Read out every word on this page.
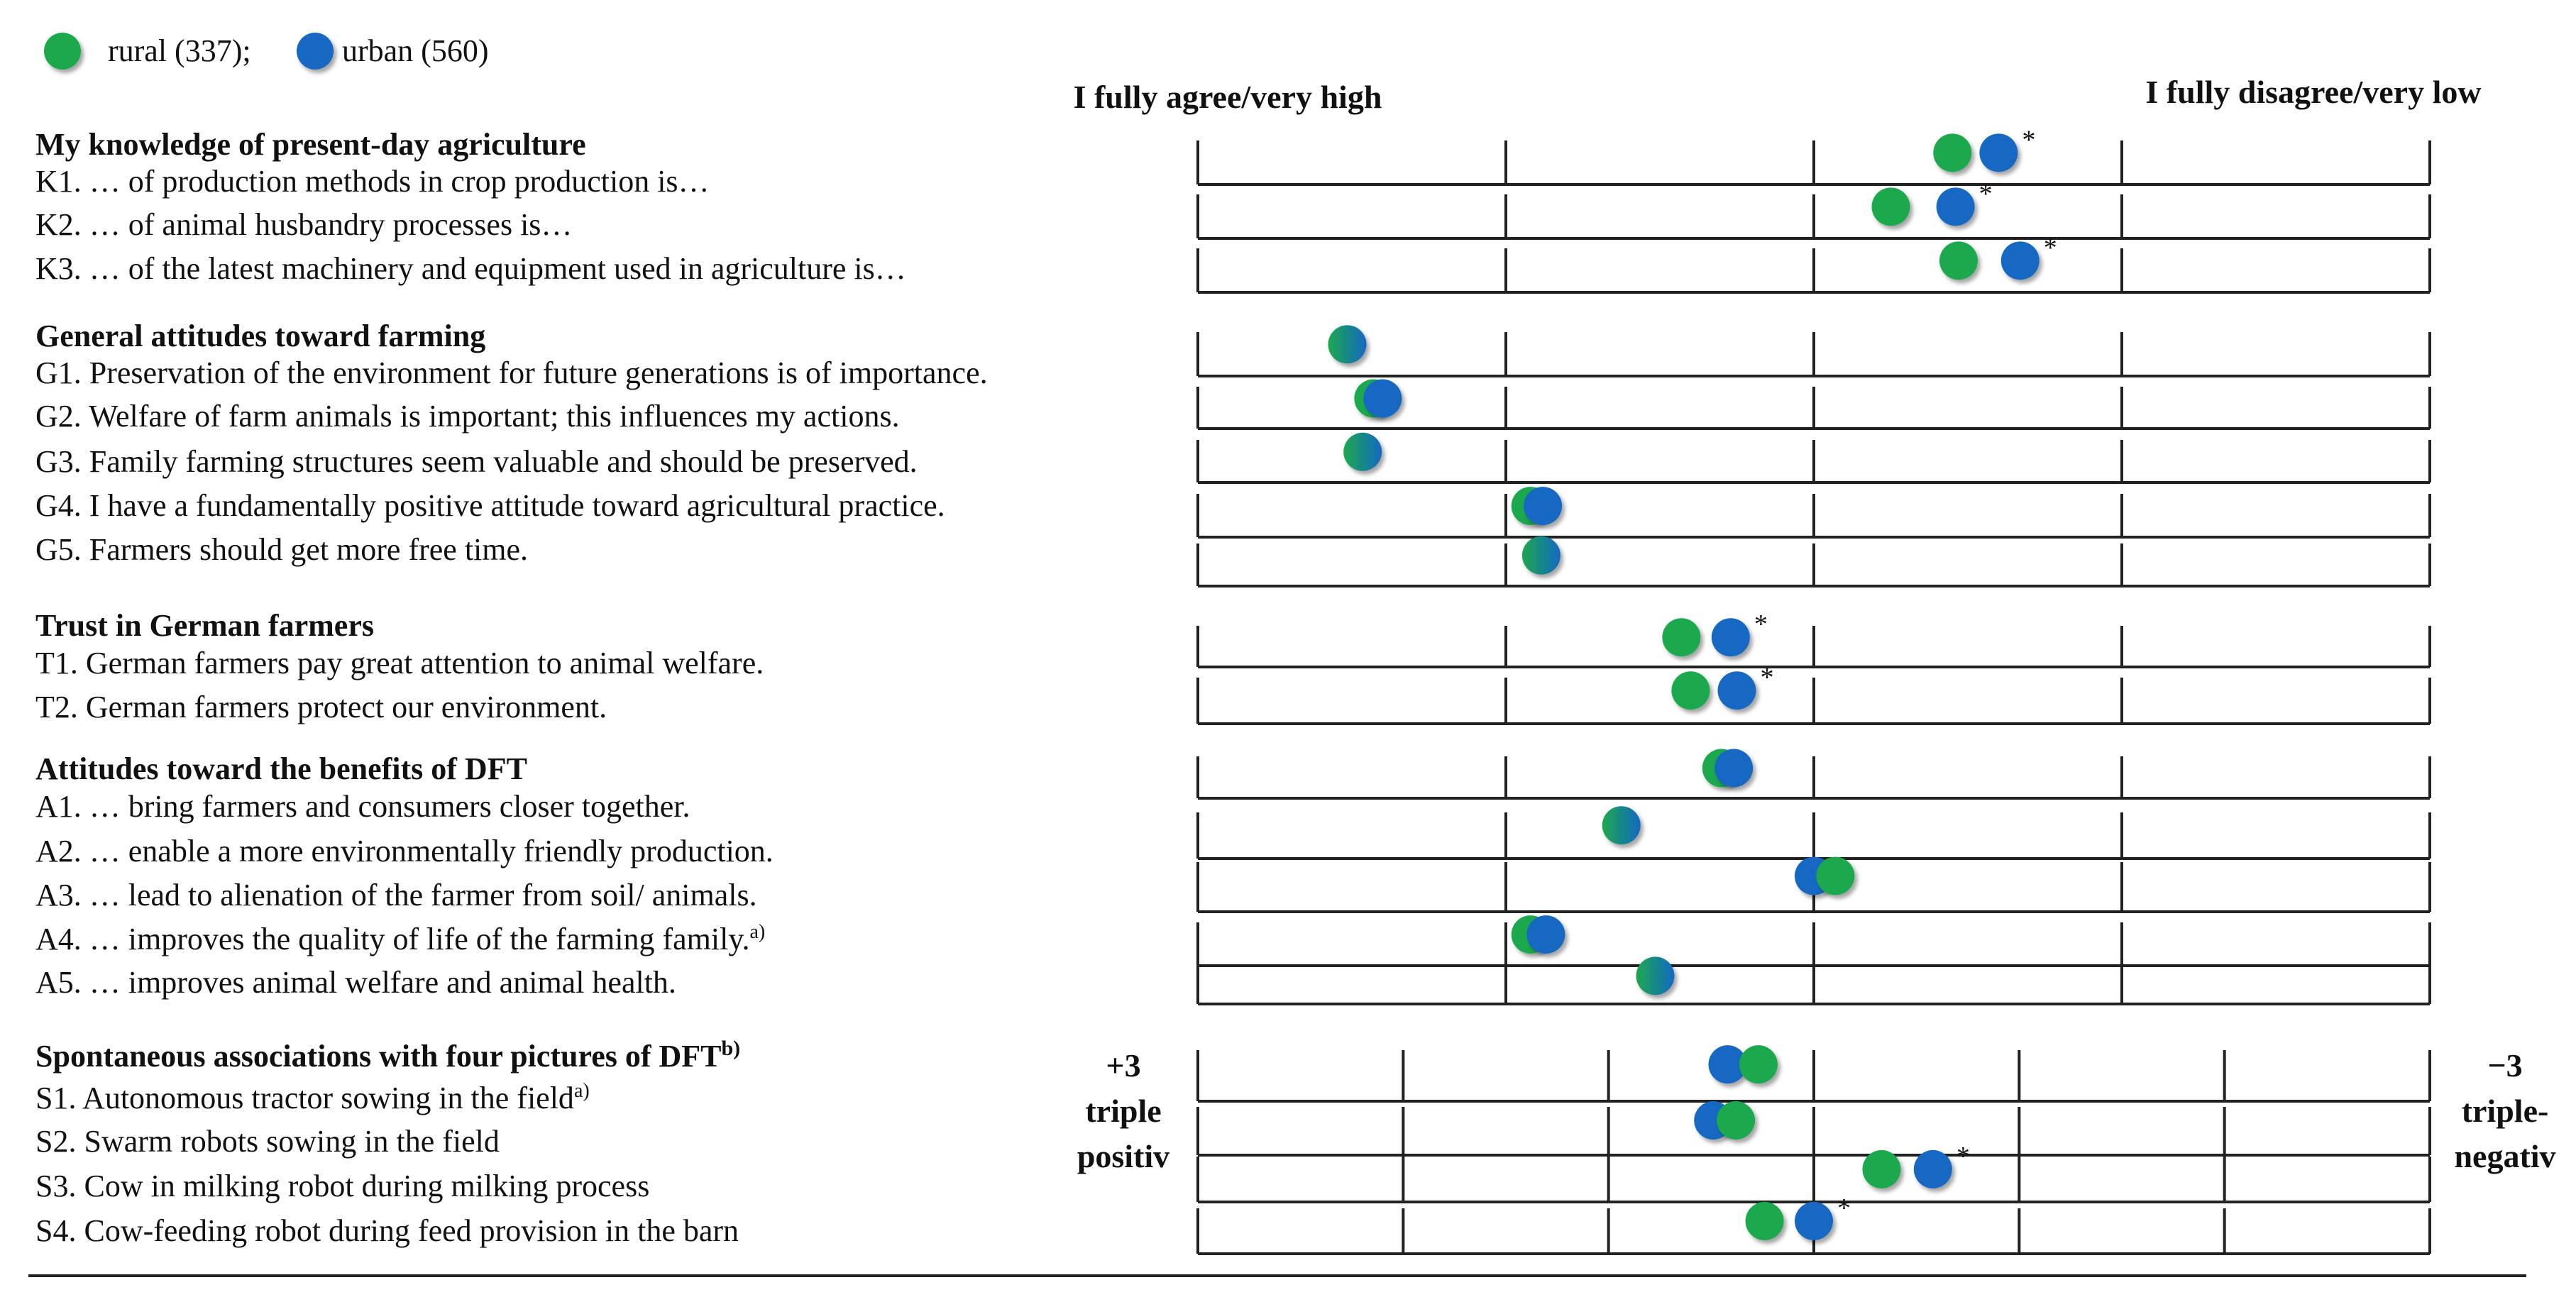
rural (337);	urban (560)
I fully agree/very high	I fully disagree/very low
+3
triple
positiv
−3
triple-
negativ
My knowledge of present-day agriculture
K1. … of production methods in crop production is…
*
K2. … of animal husbandry processes is…
*
K3. … of the latest machinery and equipment used in agriculture is…
*
General attitudes toward farming
G1. Preservation of the environment for future generations is of importance.
G2. Welfare of farm animals is important; this influences my actions.
G3. Family farming structures seem valuable and should be preserved.
G4. I have a fundamentally positive attitude toward agricultural practice.
G5. Farmers should get more free time.
Trust in German farmers
T1. German farmers pay great attention to animal welfare.
*
T2. German farmers protect our environment.
*
Attitudes toward the benefits of DFT
A1. … bring farmers and consumers closer together.
A2. … enable a more environmentally friendly production.
A3. … lead to alienation of the farmer from soil/ animals.
A4. … improves the quality of life of the farming family.$^{a)}$
A5. … improves animal welfare and animal health.
Spontaneous associations with four pictures of DFT$^{b)}$
S1. Autonomous tractor sowing in the field$^{a)}$
S2. Swarm robots sowing in the field
S3. Cow in milking robot during milking process
*
S4. Cow-feeding robot during feed provision in the barn
*
